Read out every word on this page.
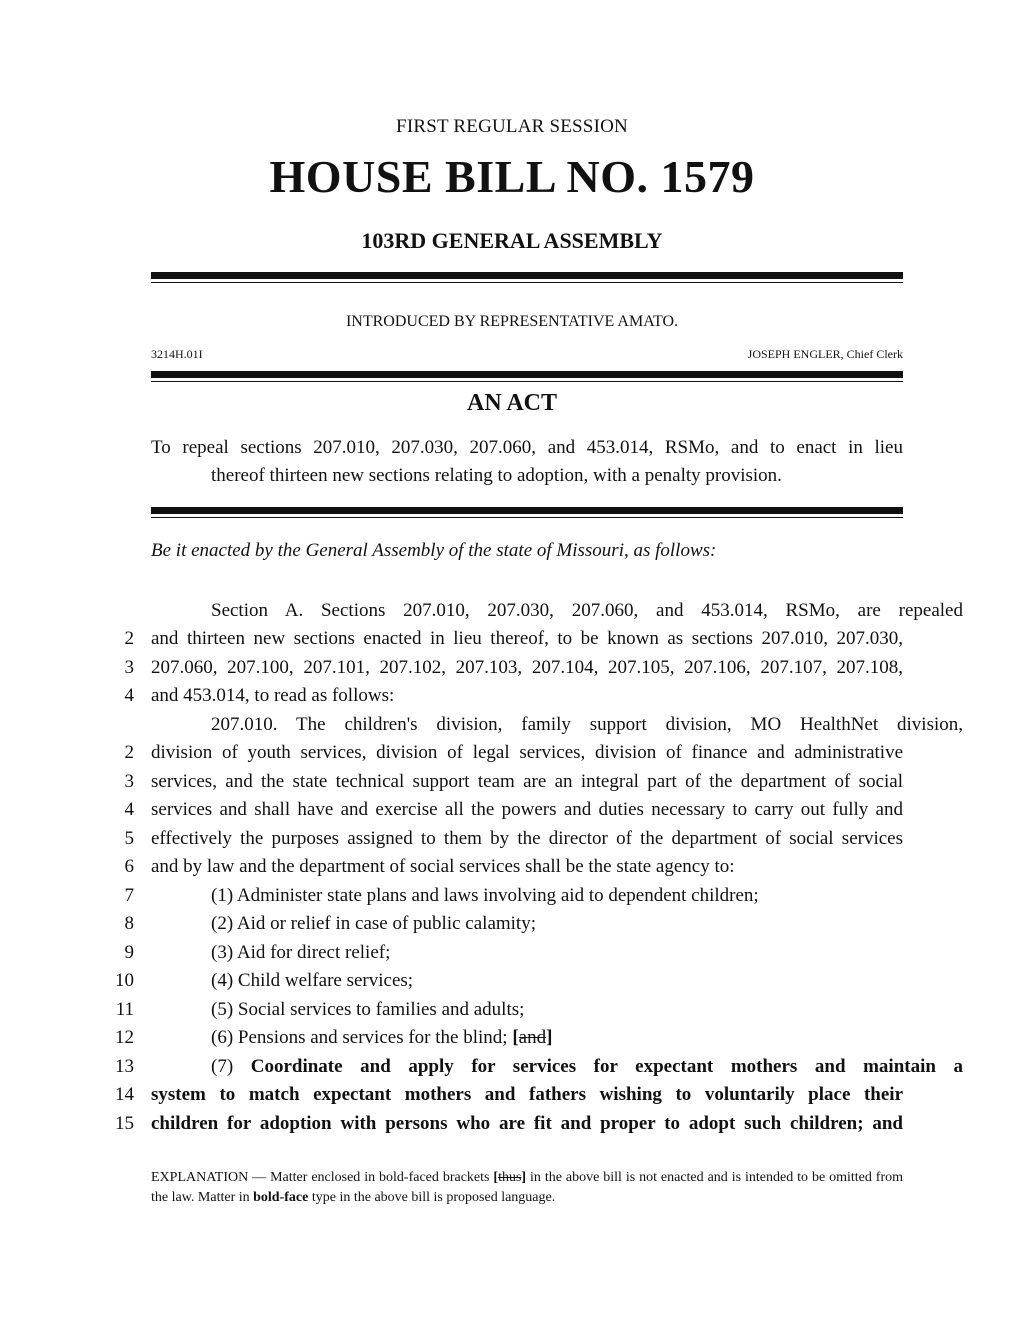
FIRST REGULAR SESSION
HOUSE BILL NO. 1579
103RD GENERAL ASSEMBLY
INTRODUCED BY REPRESENTATIVE AMATO.
3214H.01I	JOSEPH ENGLER, Chief Clerk
AN ACT
To repeal sections 207.010, 207.030, 207.060, and 453.014, RSMo, and to enact in lieu
thereof thirteen new sections relating to adoption, with a penalty provision.
Be it enacted by the General Assembly of the state of Missouri, as follows:
Section A. Sections 207.010, 207.030, 207.060, and 453.014, RSMo, are repealed
2 and thirteen new sections enacted in lieu thereof, to be known as sections 207.010, 207.030,
3 207.060, 207.100, 207.101, 207.102, 207.103, 207.104, 207.105, 207.106, 207.107, 207.108,
4 and 453.014, to read as follows:
207.010. The children's division, family support division, MO HealthNet division,
2 division of youth services, division of legal services, division of finance and administrative
3 services, and the state technical support team are an integral part of the department of social
4 services and shall have and exercise all the powers and duties necessary to carry out fully and
5 effectively the purposes assigned to them by the director of the department of social services
6 and by law and the department of social services shall be the state agency to:
7	(1) Administer state plans and laws involving aid to dependent children;
8	(2) Aid or relief in case of public calamity;
9	(3) Aid for direct relief;
10	(4) Child welfare services;
11	(5) Social services to families and adults;
12	(6) Pensions and services for the blind; [and]
13	(7) Coordinate and apply for services for expectant mothers and maintain a
14 system to match expectant mothers and fathers wishing to voluntarily place their
15 children for adoption with persons who are fit and proper to adopt such children; and
EXPLANATION — Matter enclosed in bold-faced brackets [thus] in the above bill is not enacted and is intended to be omitted from the law. Matter in bold-face type in the above bill is proposed language.
